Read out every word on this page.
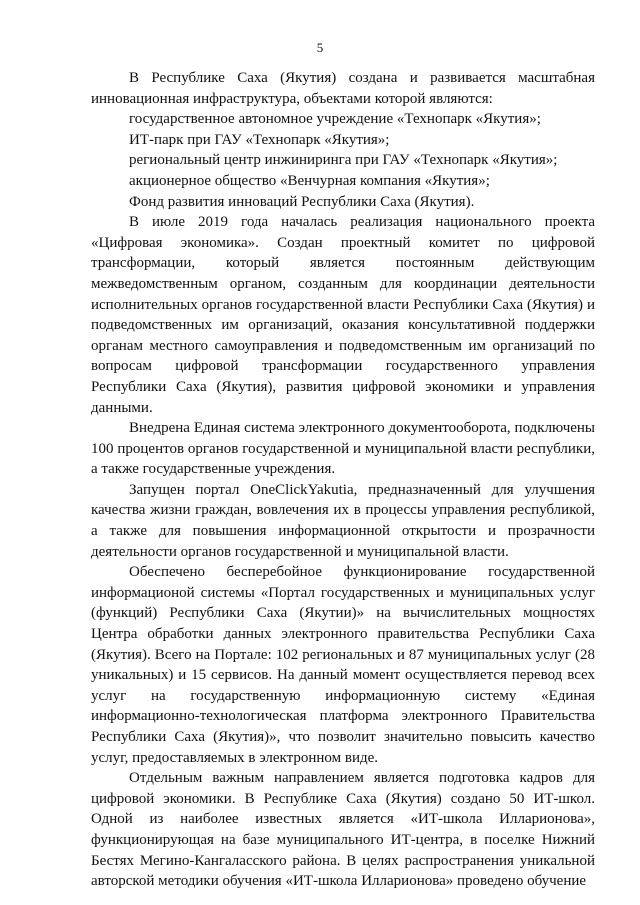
5

В Республике Саха (Якутия) создана и развивается масштабная инновационная инфраструктура, объектами которой являются:

государственное автономное учреждение «Технопарк «Якутия»;

ИТ-парк при ГАУ «Технопарк «Якутия»;

региональный центр инжиниринга при ГАУ «Технопарк «Якутия»;

акционерное общество «Венчурная компания «Якутия»;

Фонд развития инноваций Республики Саха (Якутия).

В июле 2019 года началась реализация национального проекта «Цифровая экономика». Создан проектный комитет по цифровой трансформации, который является постоянным действующим межведомственным органом, созданным для координации деятельности исполнительных органов государственной власти Республики Саха (Якутия) и подведомственных им организаций, оказания консультативной поддержки органам местного самоуправления и подведомственным им организаций по вопросам цифровой трансформации государственного управления Республики Саха (Якутия), развития цифровой экономики и управления данными.

Внедрена Единая система электронного документооборота, подключены 100 процентов органов государственной и муниципальной власти республики, а также государственные учреждения.

Запущен портал OneClickYakutia, предназначенный для улучшения качества жизни граждан, вовлечения их в процессы управления республикой, а также для повышения информационной открытости и прозрачности деятельности органов государственной и муниципальной власти.

Обеспечено бесперебойное функционирование государственной информационой системы «Портал государственных и муниципальных услуг (функций) Республики Саха (Якутии)» на вычислительных мощностях Центра обработки данных электронного правительства Республики Саха (Якутия). Всего на Портале: 102 региональных и 87 муниципальных услуг (28 уникальных) и 15 сервисов. На данный момент осуществляется перевод всех услуг на государственную информационную систему «Единая информационно-технологическая платформа электронного Правительства Республики Саха (Якутия)», что позволит значительно повысить качество услуг, предоставляемых в электронном виде.

Отдельным важным направлением является подготовка кадров для цифровой экономики. В Республике Саха (Якутия) создано 50 ИТ-школ. Одной из наиболее известных является «ИТ-школа Илларионова», функционирующая на базе муниципального ИТ-центра, в поселке Нижний Бестях Мегино-Кангаласского района. В целях распространения уникальной авторской методики обучения «ИТ-школа Илларионова» проведено обучение
